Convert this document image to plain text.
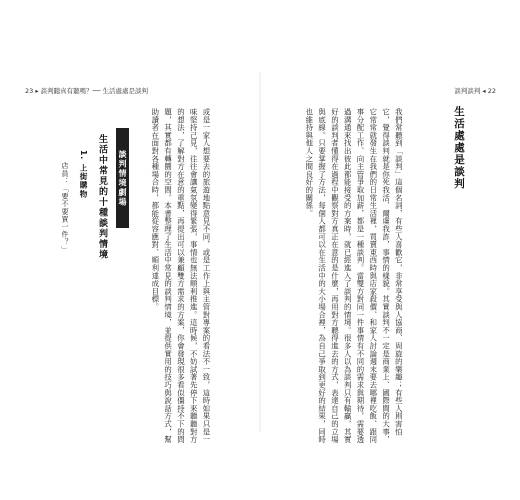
23 ▸ 談判聽真有聽嗎？── 生活處處是談判	談判談判 ◂ 22
生活處處是談判
我們常聽到「談判」這個名詞，有些人喜歡它，非常享受與人協商、周旋的樂趣；有些人則害怕它，覺得談判就是你死我活、爾虞我詐，事情的樣貌。其實談判不一定是商業上、國際間的大事，它常常就發生在我們的日常生活裡，買賣東西時與店家殺價、和家人討論週末要去哪裡吃飯、跟同事分配工作、向主管爭取加薪，都是一種談判。當雙方對同一件事情有不同的需求與期待，需要透過溝通來找出彼此都能接受的方案時，就已經進入了談判的情境。很多人以為談判只有輸贏，其實好的談判者懂得在過程中觀察對方真正在意的是什麼，再用對方聽得進去的方式，表達自己的立場與底線。只要掌握了方法，每個人都可以在生活中的大小場合裡，為自己爭取到更好的結果，同時也維持與他人之間良好的關係。
或是一家人想要去的旅遊地點意見不同，或是工作上與主管對專案的看法不一致，這時如果只是一味堅持己見，往往會讓氣氛變得緊張，事情也無法順利推進。這時候，不妨試著先停下來聽聽對方的想法，了解對方在意的重點，再提出可以兼顧雙方需求的方案，你會發現很多看似僵持不下的問題，其實都有轉圜的空間。本書整理了生活中常見的談判情境，並提供實用的技巧與說話方式，幫助讀者在面對各種場合時，都能從容應對、順利達成目標。
談判情境劇場
生活中常見的十種談判情境
1. 上街購物
店員：「要不要買一件？」
